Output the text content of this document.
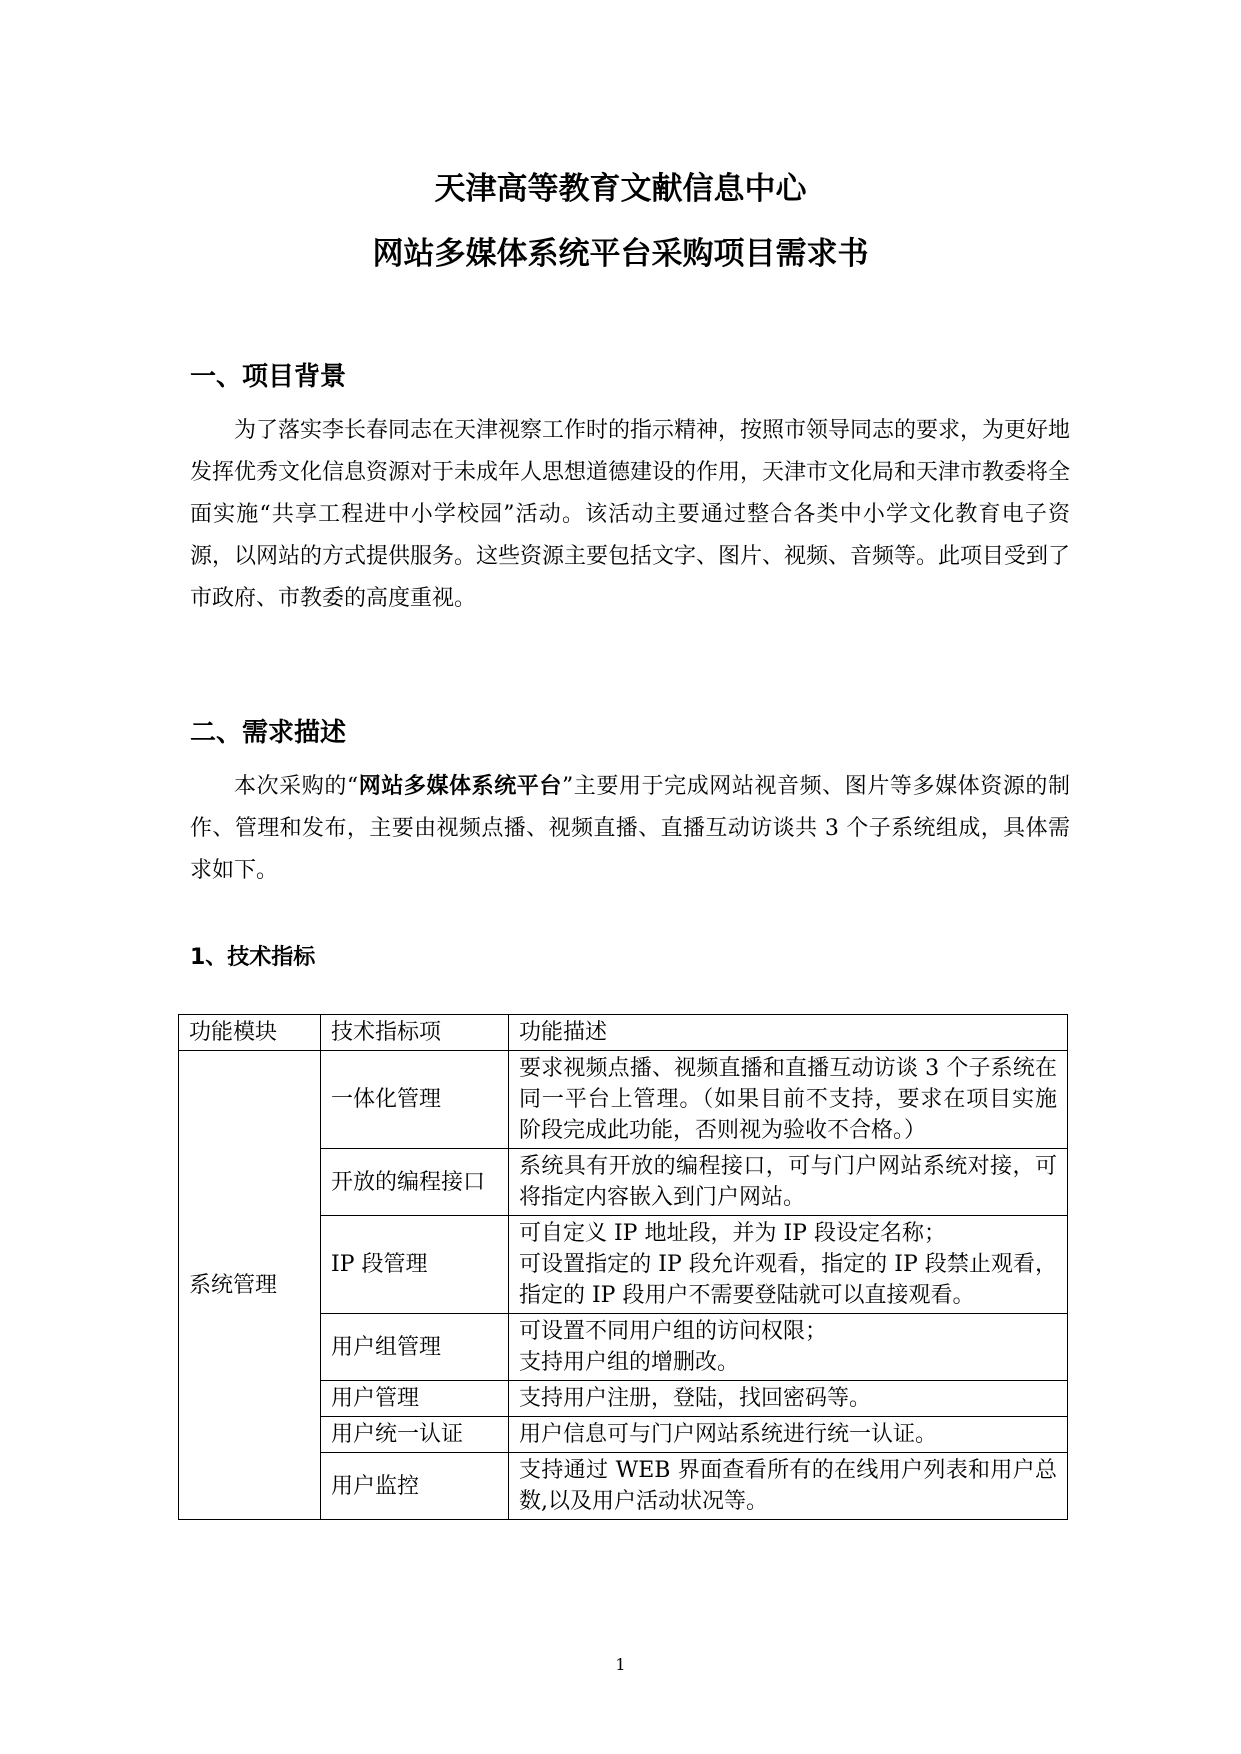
天津高等教育文献信息中心
网站多媒体系统平台采购项目需求书
一、项目背景

为了落实李长春同志在天津视察工作时的指示精神，按照市领导同志的要求，为更好地发挥优秀文化信息资源对于未成年人思想道德建设的作用，天津市文化局和天津市教委将全面实施“共享工程进中小学校园”活动。该活动主要通过整合各类中小学文化教育电子资源，以网站的方式提供服务。这些资源主要包括文字、图片、视频、音频等。此项目受到了市政府、市教委的高度重视。

二、需求描述

本次采购的“网站多媒体系统平台”主要用于完成网站视音频、图片等多媒体资源的制作、管理和发布，主要由视频点播、视频直播、直播互动访谈共 3 个子系统组成，具体需求如下。

1、技术指标
功能模块	技术指标项	功能描述
系统管理	一体化管理	要求视频点播、视频直播和直播互动访谈 3 个子系统在同一平台上管理。（如果目前不支持，要求在项目实施阶段完成此功能，否则视为验收不合格。）
	开放的编程接口	系统具有开放的编程接口，可与门户网站系统对接，可将指定内容嵌入到门户网站。
	IP 段管理	可自定义 IP 地址段，并为 IP 段设定名称；
可设置指定的 IP 段允许观看，指定的 IP 段禁止观看，指定的 IP 段用户不需要登陆就可以直接观看。
	用户组管理	可设置不同用户组的访问权限；
支持用户组的增删改。
	用户管理	支持用户注册，登陆，找回密码等。
	用户统一认证	用户信息可与门户网站系统进行统一认证。
	用户监控	支持通过 WEB 界面查看所有的在线用户列表和用户总数,以及用户活动状况等。
1
